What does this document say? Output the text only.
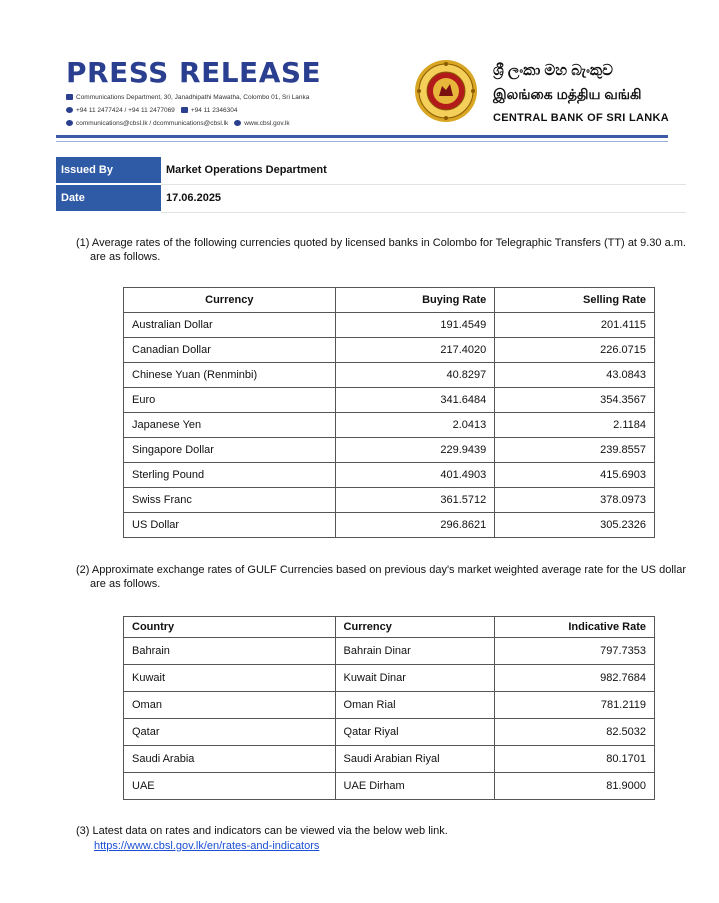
PRESS RELEASE
Communications Department, 30, Janadhipathi Mawatha, Colombo 01, Sri Lanka
+94 11 2477424 / +94 11 2477069 +94 11 2346304
communications@cbsl.lk / dcommunications@cbsl.lk www.cbsl.gov.lk
ශ්‍රී ලංකා මහ බැංකුව
இலங்கை மத்திய வங்கி
CENTRAL BANK OF SRI LANKA
Issued By	Market Operations Department
Date	17.06.2025
(1) Average rates of the following currencies quoted by licensed banks in Colombo for Telegraphic Transfers (TT) at 9.30 a.m. are as follows.
Currency	Buying Rate	Selling Rate
Australian Dollar	191.4549	201.4115
Canadian Dollar	217.4020	226.0715
Chinese Yuan (Renminbi)	40.8297	43.0843
Euro	341.6484	354.3567
Japanese Yen	2.0413	2.1184
Singapore Dollar	229.9439	239.8557
Sterling Pound	401.4903	415.6903
Swiss Franc	361.5712	378.0973
US Dollar	296.8621	305.2326
(2) Approximate exchange rates of GULF Currencies based on previous day's market weighted average rate for the US dollar are as follows.
Country	Currency	Indicative Rate
Bahrain	Bahrain Dinar	797.7353
Kuwait	Kuwait Dinar	982.7684
Oman	Oman Rial	781.2119
Qatar	Qatar Riyal	82.5032
Saudi Arabia	Saudi Arabian Riyal	80.1701
UAE	UAE Dirham	81.9000
(3) Latest data on rates and indicators can be viewed via the below web link.
https://www.cbsl.gov.lk/en/rates-and-indicators
